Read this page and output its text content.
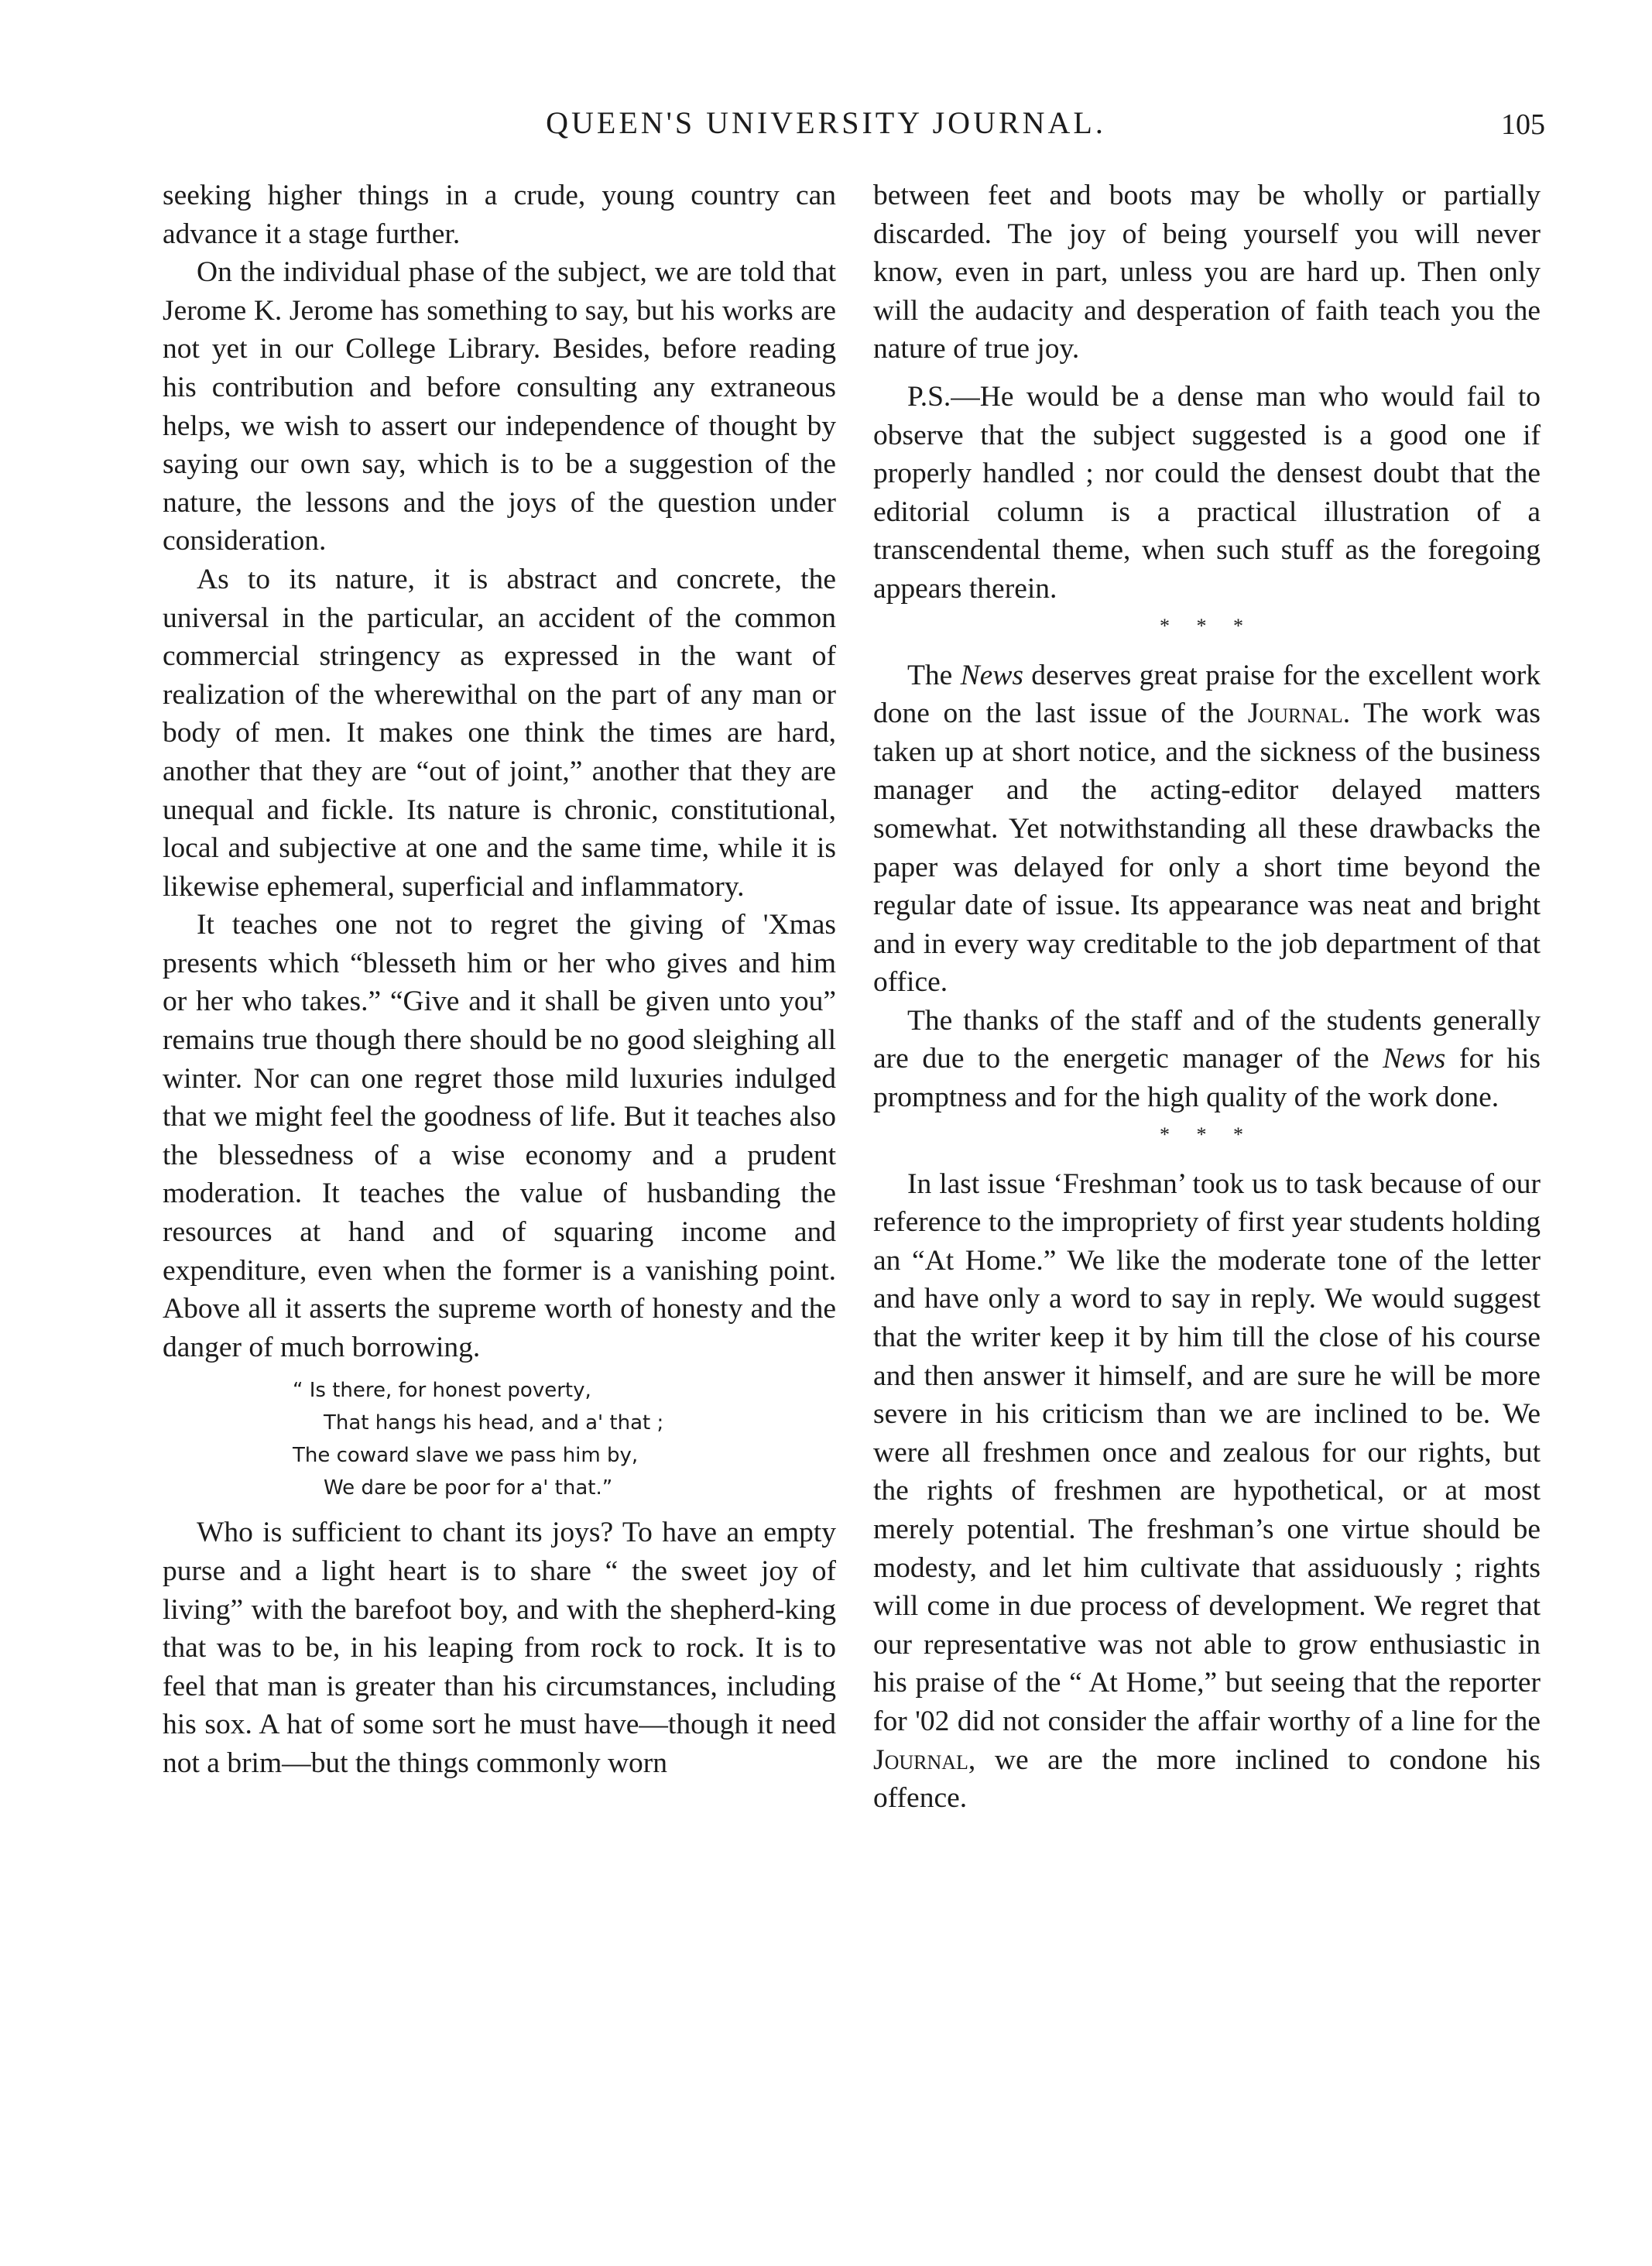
QUEEN'S UNIVERSITY JOURNAL.	105

seeking higher things in a crude, young country can advance it a stage further.

On the individual phase of the subject, we are told that Jerome K. Jerome has something to say, but his works are not yet in our College Library. Besides, before reading his contribution and before consulting any extraneous helps, we wish to assert our independence of thought by saying our own say, which is to be a suggestion of the nature, the lessons and the joys of the question under consideration.

As to its nature, it is abstract and concrete, the universal in the particular, an accident of the common commercial stringency as expressed in the want of realization of the wherewithal on the part of any man or body of men. It makes one think the times are hard, another that they are “out of joint,” another that they are unequal and fickle. Its nature is chronic, constitutional, local and subjective at one and the same time, while it is likewise ephemeral, superficial and inflammatory.

It teaches one not to regret the giving of 'Xmas presents which “blesseth him or her who gives and him or her who takes.” “Give and it shall be given unto you” remains true though there should be no good sleighing all winter. Nor can one regret those mild luxuries indulged that we might feel the goodness of life. But it teaches also the blessedness of a wise economy and a prudent moderation. It teaches the value of husbanding the resources at hand and of squaring income and expenditure, even when the former is a vanishing point. Above all it asserts the supreme worth of honesty and the danger of much borrowing.

“ Is there, for honest poverty,
That hangs his head, and a' that ;
The coward slave we pass him by,
We dare be poor for a' that.”

Who is sufficient to chant its joys? To have an empty purse and a light heart is to share “ the sweet joy of living” with the barefoot boy, and with the shepherd-king that was to be, in his leaping from rock to rock. It is to feel that man is greater than his circumstances, including his sox. A hat of some sort he must have—though it need not a brim—but the things commonly worn

between feet and boots may be wholly or partially discarded. The joy of being yourself you will never know, even in part, unless you are hard up. Then only will the audacity and desperation of faith teach you the nature of true joy.

P.S.—He would be a dense man who would fail to observe that the subject suggested is a good one if properly handled ; nor could the densest doubt that the editorial column is a practical illustration of a transcendental theme, when such stuff as the foregoing appears therein.

* * *

The News deserves great praise for the excellent work done on the last issue of the Journal. The work was taken up at short notice, and the sickness of the business manager and the acting-editor delayed matters somewhat. Yet notwithstanding all these drawbacks the paper was delayed for only a short time beyond the regular date of issue. Its appearance was neat and bright and in every way creditable to the job department of that office.

The thanks of the staff and of the students generally are due to the energetic manager of the News for his promptness and for the high quality of the work done.

* * *

In last issue ‘Freshman’ took us to task because of our reference to the impropriety of first year students holding an “At Home.” We like the moderate tone of the letter and have only a word to say in reply. We would suggest that the writer keep it by him till the close of his course and then answer it himself, and are sure he will be more severe in his criticism than we are inclined to be. We were all freshmen once and zealous for our rights, but the rights of freshmen are hypothetical, or at most merely potential. The freshman’s one virtue should be modesty, and let him cultivate that assiduously ; rights will come in due process of development. We regret that our representative was not able to grow enthusiastic in his praise of the “ At Home,” but seeing that the reporter for '02 did not consider the affair worthy of a line for the Journal, we are the more inclined to condone his offence.
